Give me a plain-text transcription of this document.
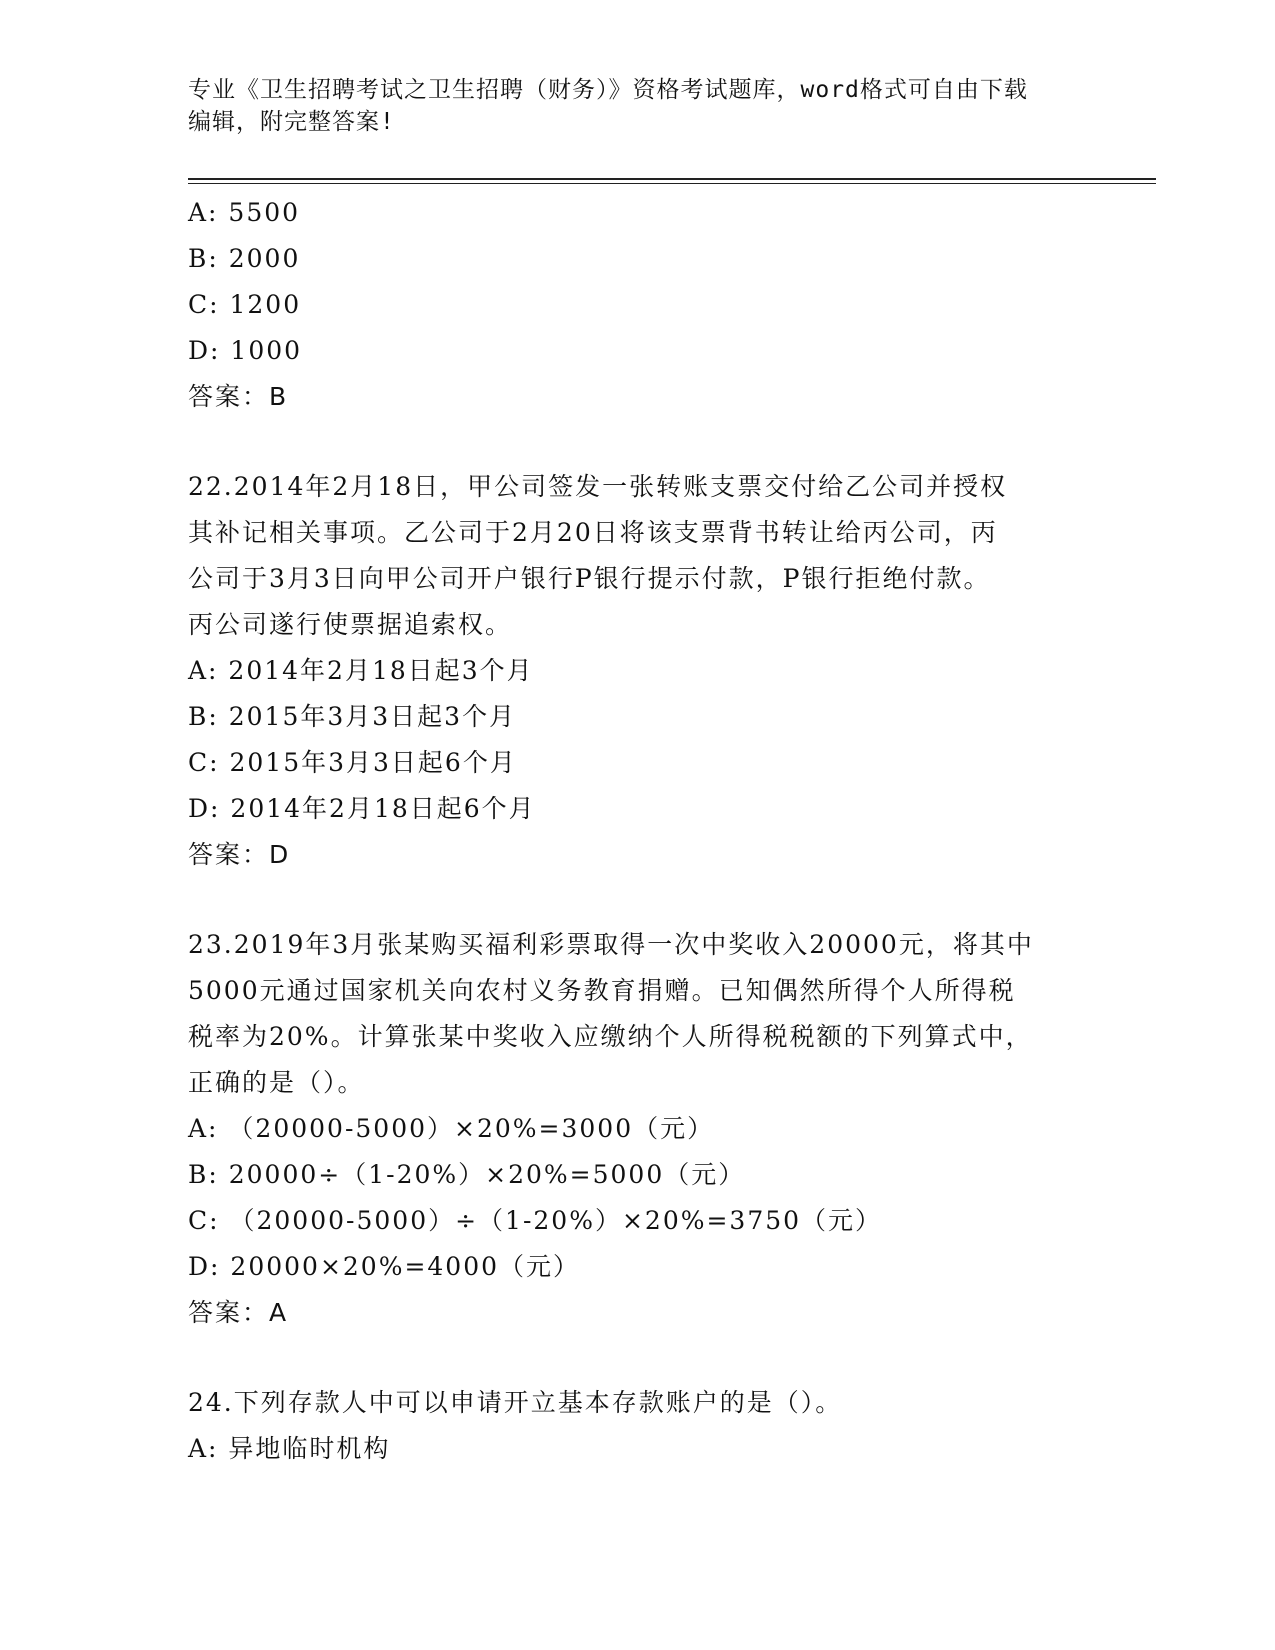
专业《卫生招聘考试之卫生招聘（财务）》资格考试题库，word格式可自由下载
编辑，附完整答案!
A: 5500
B: 2000
C: 1200
D: 1000
答案：B
22.2014年2月18日，甲公司签发一张转账支票交付给乙公司并授权
其补记相关事项。乙公司于2月20日将该支票背书转让给丙公司，丙
公司于3月3日向甲公司开户银行P银行提示付款，P银行拒绝付款。
丙公司遂行使票据追索权。
A: 2014年2月18日起3个月
B: 2015年3月3日起3个月
C: 2015年3月3日起6个月
D: 2014年2月18日起6个月
答案：D
23.2019年3月张某购买福利彩票取得一次中奖收入20000元，将其中
5000元通过国家机关向农村义务教育捐赠。已知偶然所得个人所得税
税率为20%。计算张某中奖收入应缴纳个人所得税税额的下列算式中，
正确的是（）。
A: （20000-5000）×20%=3000（元）
B: 20000÷（1-20%）×20%=5000（元）
C: （20000-5000）÷（1-20%）×20%=3750（元）
D: 20000×20%=4000（元）
答案：A
24.下列存款人中可以申请开立基本存款账户的是（）。
A: 异地临时机构
